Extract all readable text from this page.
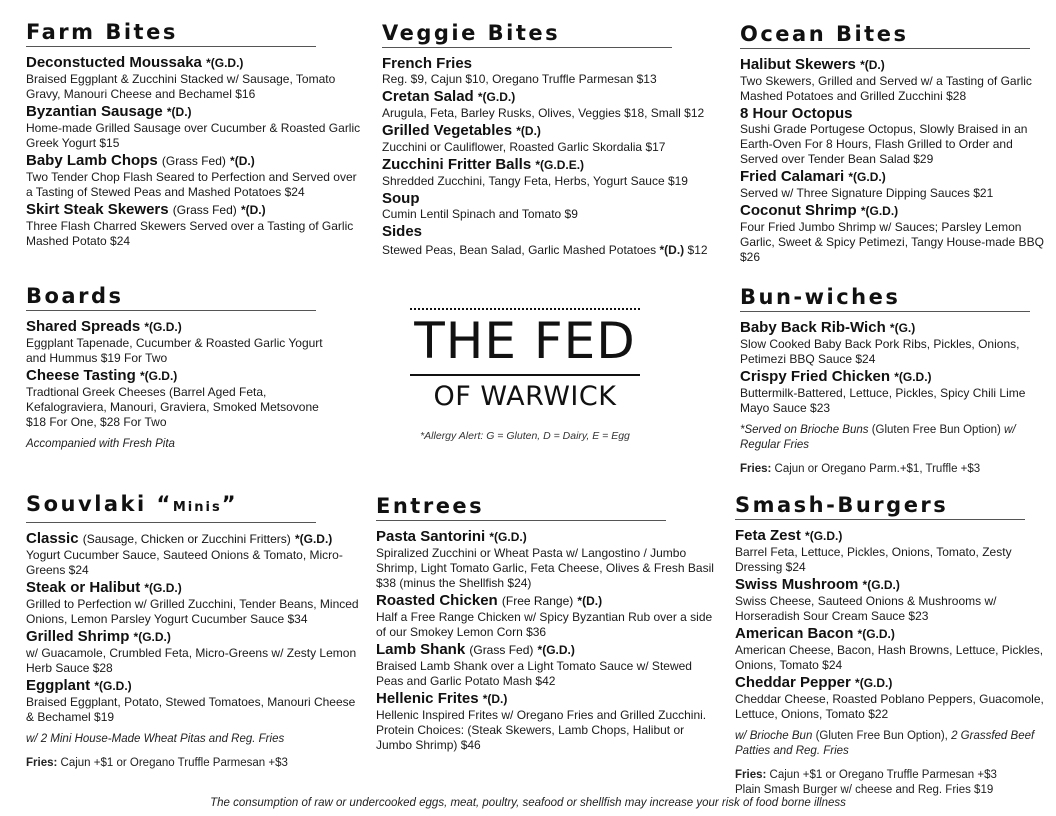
Farm Bites
Deconstucted Moussaka *(G.D.)
Braised Eggplant & Zucchini Stacked w/ Sausage, Tomato Gravy, Manouri Cheese and Bechamel $16
Byzantian Sausage *(D.)
Home-made Grilled Sausage over Cucumber & Roasted Garlic Greek Yogurt $15
Baby Lamb Chops (Grass Fed) *(D.)
Two Tender Chop Flash Seared to Perfection and Served over a Tasting of Stewed Peas and Mashed Potatoes $24
Skirt Steak Skewers (Grass Fed) *(D.)
Three Flash Charred Skewers Served over a Tasting of Garlic Mashed Potato $24
Veggie Bites
French Fries
Reg. $9, Cajun $10, Oregano Truffle Parmesan $13
Cretan Salad *(G.D.)
Arugula, Feta, Barley Rusks, Olives, Veggies $18, Small $12
Grilled Vegetables *(D.)
Zucchini or Cauliflower, Roasted Garlic Skordalia $17
Zucchini Fritter Balls *(G.D.E.)
Shredded Zucchini, Tangy Feta, Herbs, Yogurt Sauce $19
Soup
Cumin Lentil Spinach and Tomato $9
Sides
Stewed Peas, Bean Salad, Garlic Mashed Potatoes *(D.) $12
Ocean Bites
Halibut Skewers *(D.)
Two Skewers, Grilled and Served w/ a Tasting of Garlic Mashed Potatoes and Grilled Zucchini $28
8 Hour Octopus
Sushi Grade Portugese Octopus, Slowly Braised in an Earth-Oven For 8 Hours, Flash Grilled to Order and Served over Tender Bean Salad $29
Fried Calamari *(G.D.)
Served w/ Three Signature Dipping Sauces $21
Coconut Shrimp *(G.D.)
Four Fried Jumbo Shrimp w/ Sauces; Parsley Lemon Garlic, Sweet & Spicy Petimezi, Tangy House-made BBQ $26
Boards
Shared Spreads *(G.D.)
Eggplant Tapenade, Cucumber & Roasted Garlic Yogurt and Hummus $19 For Two
Cheese Tasting *(G.D.)
Tradtional Greek Cheeses (Barrel Aged Feta, Kefalograviera, Manouri, Graviera, Smoked Metsovone $18 For One, $28 For Two
Accompanied with Fresh Pita
THE FED
OF WARWICK
*Allergy Alert: G = Gluten, D = Dairy, E = Egg
Bun-wiches
Baby Back Rib-Wich *(G.)
Slow Cooked Baby Back Pork Ribs, Pickles, Onions, Petimezi BBQ Sauce $24
Crispy Fried Chicken *(G.D.)
Buttermilk-Battered, Lettuce, Pickles, Spicy Chili Lime Mayo Sauce $23
*Served on Brioche Buns (Gluten Free Bun Option) w/ Regular Fries
Fries: Cajun or Oregano Parm.+$1, Truffle +$3
Souvlaki “Minis”
Classic (Sausage, Chicken or Zucchini Fritters) *(G.D.)
Yogurt Cucumber Sauce, Sauteed Onions & Tomato, Micro-Greens $24
Steak or Halibut *(G.D.)
Grilled to Perfection w/ Grilled Zucchini, Tender Beans, Minced Onions, Lemon Parsley Yogurt Cucumber Sauce $34
Grilled Shrimp *(G.D.)
w/ Guacamole, Crumbled Feta, Micro-Greens w/ Zesty Lemon Herb Sauce $28
Eggplant *(G.D.)
Braised Eggplant, Potato, Stewed Tomatoes, Manouri Cheese & Bechamel $19
w/ 2 Mini House-Made Wheat Pitas and Reg. Fries
Fries: Cajun +$1 or Oregano Truffle Parmesan +$3
Entrees
Pasta Santorini *(G.D.)
Spiralized Zucchini or Wheat Pasta w/ Langostino / Jumbo Shrimp, Light Tomato Garlic, Feta Cheese, Olives & Fresh Basil $38 (minus the Shellfish $24)
Roasted Chicken (Free Range) *(D.)
Half a Free Range Chicken w/ Spicy Byzantian Rub over a side of our Smokey Lemon Corn $36
Lamb Shank (Grass Fed) *(G.D.)
Braised Lamb Shank over a Light Tomato Sauce w/ Stewed Peas and Garlic Potato Mash $42
Hellenic Frites *(D.)
Hellenic Inspired Frites w/ Oregano Fries and Grilled Zucchini. Protein Choices: (Steak Skewers, Lamb Chops, Halibut or Jumbo Shrimp) $46
Smash-Burgers
Feta Zest *(G.D.)
Barrel Feta, Lettuce, Pickles, Onions, Tomato, Zesty Dressing $24
Swiss Mushroom *(G.D.)
Swiss Cheese, Sauteed Onions & Mushrooms w/ Horseradish Sour Cream Sauce $23
American Bacon *(G.D.)
American Cheese, Bacon, Hash Browns, Lettuce, Pickles, Onions, Tomato $24
Cheddar Pepper *(G.D.)
Cheddar Cheese, Roasted Poblano Peppers, Guacomole, Lettuce, Onions, Tomato $22
w/ Brioche Bun (Gluten Free Bun Option), 2 Grassfed Beef Patties and Reg. Fries
Fries: Cajun +$1 or Oregano Truffle Parmesan +$3
Plain Smash Burger w/ cheese and Reg. Fries $19
The consumption of raw or undercooked eggs, meat, poultry, seafood or shellfish may increase your risk of food borne illness
